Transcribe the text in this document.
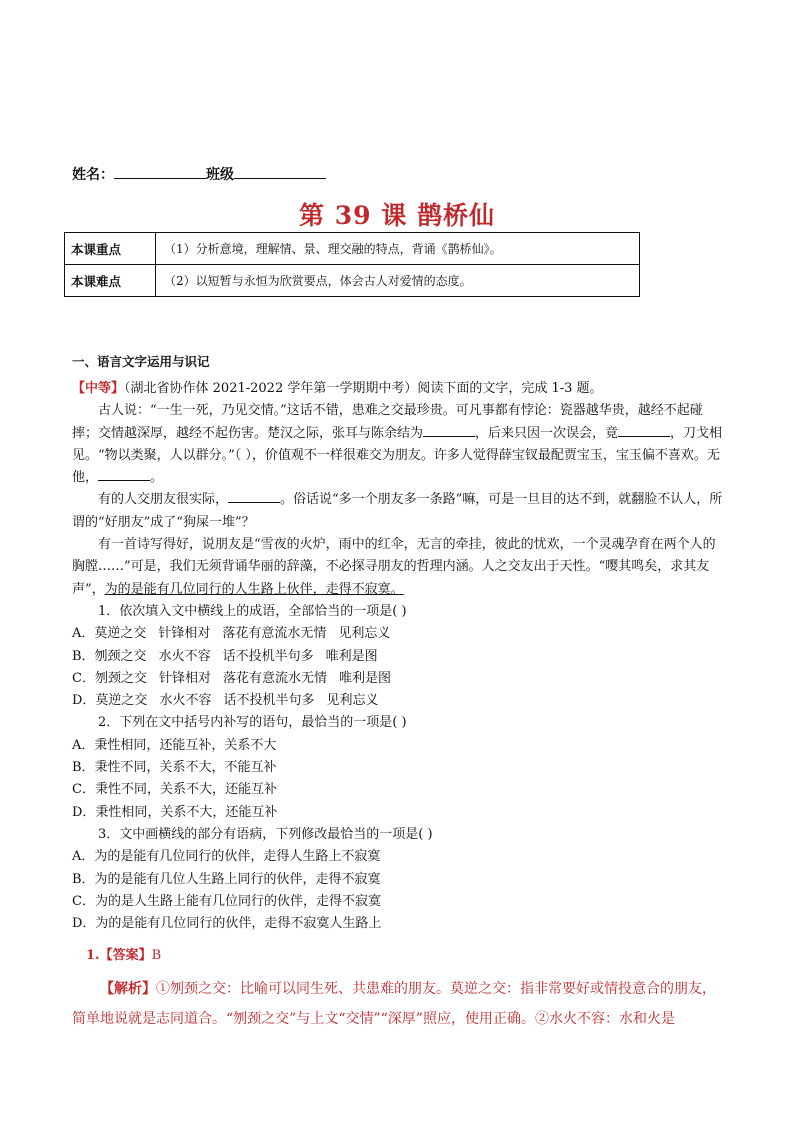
姓名：	班级
第 39 课 鹊桥仙
本课重点	（1）分析意境，理解情、景、理交融的特点，背诵《鹊桥仙》。
本课难点	（2）以短暂与永恒为欣赏要点，体会古人对爱情的态度。
一、语言文字运用与识记

【中等】（湖北省协作体 2021-2022 学年第一学期期中考）阅读下面的文字，完成 1-3 题。

古人说：“一生一死，乃见交情。”这话不错，患难之交最珍贵。可凡事都有悖论：瓷器越华贵，越经不起碰摔；交情越深厚，越经不起伤害。楚汉之际，张耳与陈余结为	，后来只因一次误会，竟	，刀戈相见。“物以类聚，人以群分。”（ ），价值观不一样很难交为朋友。许多人觉得薛宝钗最配贾宝玉，宝玉偏不喜欢。无他，	。

有的人交朋友很实际，	。俗话说“多一个朋友多一条路”嘛，可是一旦目的达不到，就翻脸不认人，所谓的“好朋友”成了“狗屎一堆”？

有一首诗写得好，说朋友是“雪夜的火炉，雨中的红伞，无言的牵挂，彼此的忧欢，一个灵魂孕育在两个人的胸膛……”可是，我们无须背诵华丽的辞藻，不必探寻朋友的哲理内涵。人之交友出于天性。“嘤其鸣矣，求其友声”，为的是能有几位同行的人生路上伙伴，走得不寂寞。

1．依次填入文中横线上的成语，全部恰当的一项是( )

A．莫逆之交 针锋相对 落花有意流水无情 见利忘义

B．刎颈之交 水火不容 话不投机半句多 唯利是图

C．刎颈之交 针锋相对 落花有意流水无情 唯利是图

D．莫逆之交 水火不容 话不投机半句多 见利忘义

2．下列在文中括号内补写的语句，最恰当的一项是( )

A．秉性相同，还能互补，关系不大

B．秉性不同，关系不大，不能互补

C．秉性不同，关系不大，还能互补

D．秉性相同，关系不大，还能互补

3．文中画横线的部分有语病，下列修改最恰当的一项是( )

A．为的是能有几位同行的伙伴，走得人生路上不寂寞

B．为的是能有几位人生路上同行的伙伴，走得不寂寞

C．为的是人生路上能有几位同行的伙伴，走得不寂寞

D．为的是能有几位同行的伙伴，走得不寂寞人生路上

1.【答案】B

【解析】①刎颈之交：比喻可以同生死、共患难的朋友。莫逆之交：指非常要好或情投意合的朋友，简单地说就是志同道合。“刎颈之交”与上文“交情”“深厚”照应，使用正确。②水火不容：水和火是
